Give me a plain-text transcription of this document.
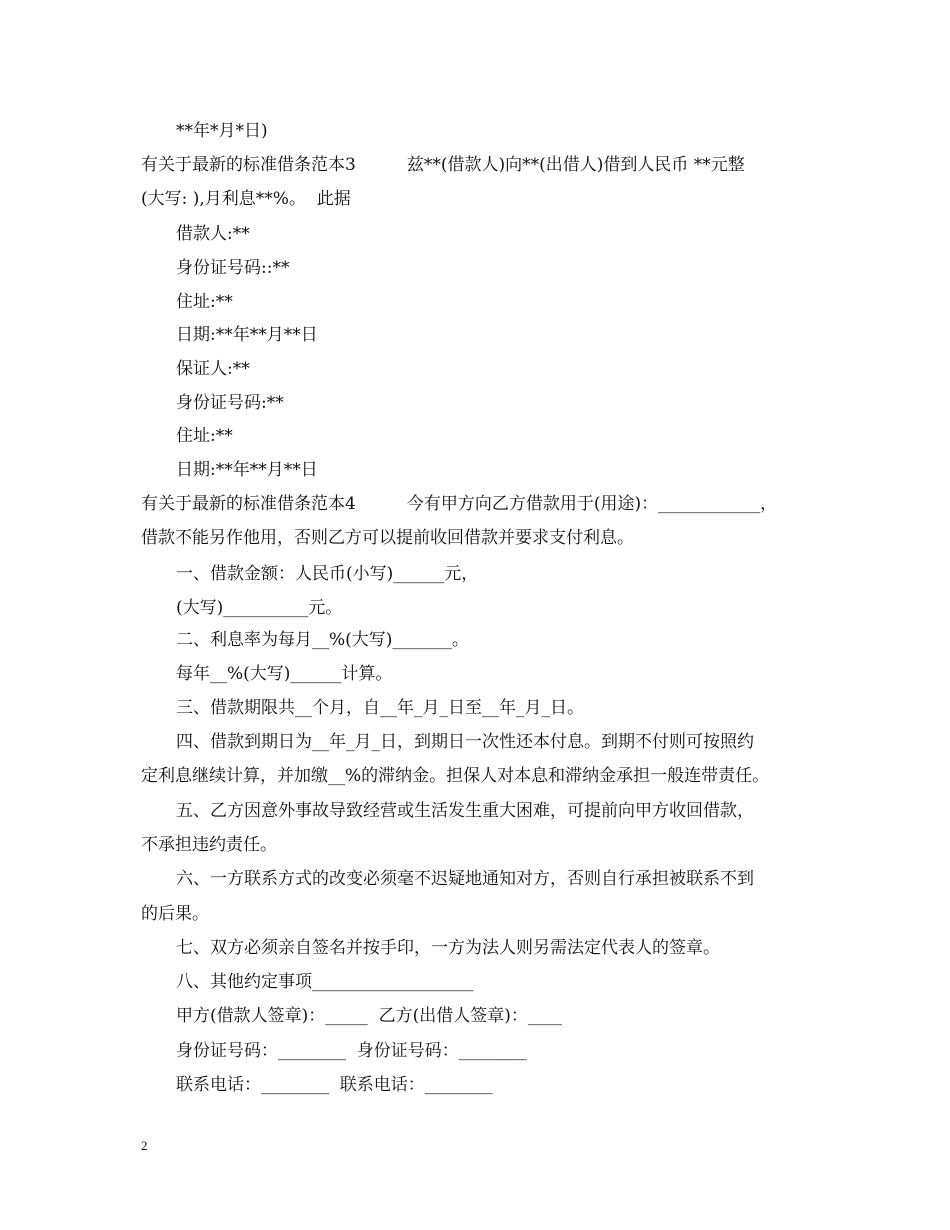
**年*月*日)
有关于最新的标准借条范本3　　　兹**(借款人)向**(出借人)借到人民币 **元整
(大写: ),月利息**%。  此据
借款人:**
身份证号码::**
住址:**
日期:**年**月**日
保证人:**
身份证号码:**
住址:**
日期:**年**月**日
有关于最新的标准借条范本4　　　今有甲方向乙方借款用于(用途)：____________，
借款不能另作他用，否则乙方可以提前收回借款并要求支付利息。
一、借款金额：人民币(小写)______元，
(大写)__________元。
二、利息率为每月__%(大写)_______。
每年__%(大写)______计算。
三、借款期限共__个月，自__年_月_日至__年_月_日。
四、借款到期日为__年_月_日，到期日一次性还本付息。到期不付则可按照约
定利息继续计算，并加缴__%的滞纳金。担保人对本息和滞纳金承担一般连带责任。
五、乙方因意外事故导致经营或生活发生重大困难，可提前向甲方收回借款，
不承担违约责任。
六、一方联系方式的改变必须毫不迟疑地通知对方，否则自行承担被联系不到
的后果。
七、双方必须亲自签名并按手印，一方为法人则另需法定代表人的签章。
八、其他约定事项___________________
甲方(借款人签章)：_____  乙方(出借人签章)：____
身份证号码：________  身份证号码：________
联系电话：________  联系电话：________
2
